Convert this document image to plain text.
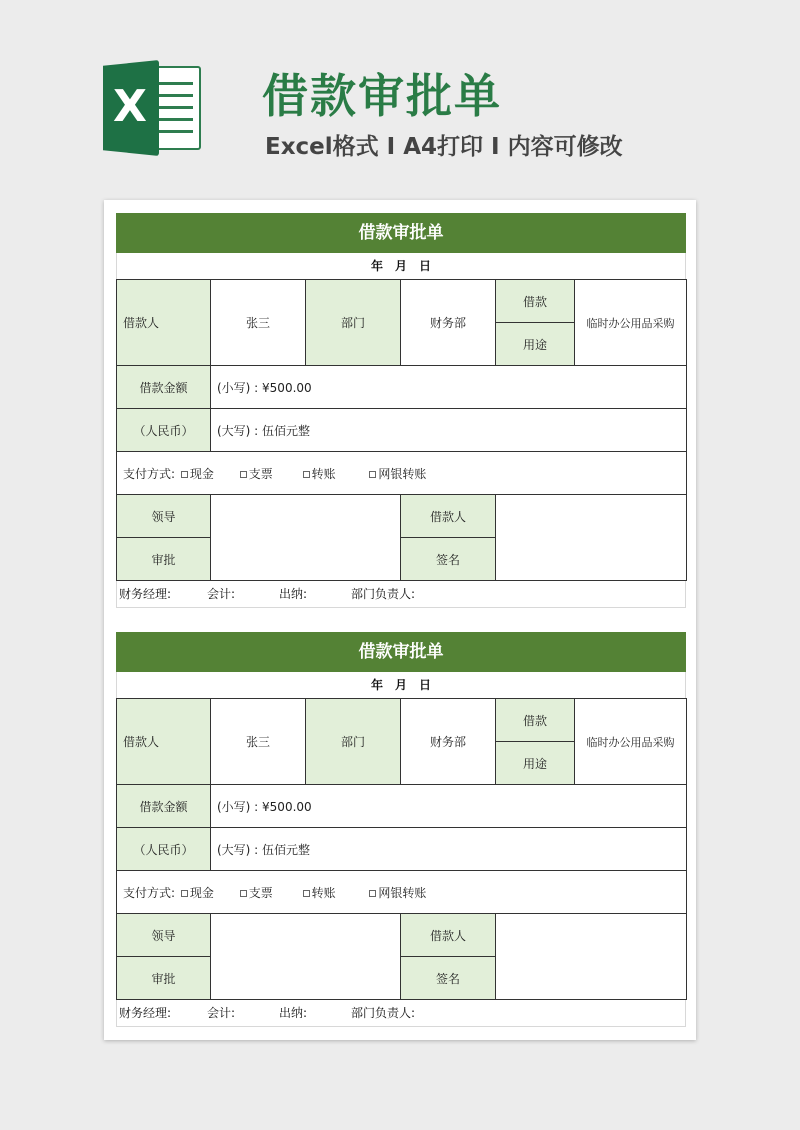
X	借款审批单
Excel格式 I A4打印 I 内容可修改
借款审批单
年　月　日
借款人	张三	部门	财务部	借款	临时办公用品采购
				用途	
借款金额	(小写) : ¥500.00				
（人民币）	(大写) : 伍佰元整				
支付方式: 现金 支票 转账 网银转账					
领导			借款人		
审批			签名		
财务经理:	会计:	出纳:	部门负责人:
借款审批单
年　月　日
借款人	张三	部门	财务部	借款	临时办公用品采购
				用途	
借款金额	(小写) : ¥500.00				
（人民币）	(大写) : 伍佰元整				
支付方式: 现金 支票 转账 网银转账					
领导			借款人		
审批			签名		
财务经理:	会计:	出纳:	部门负责人:
